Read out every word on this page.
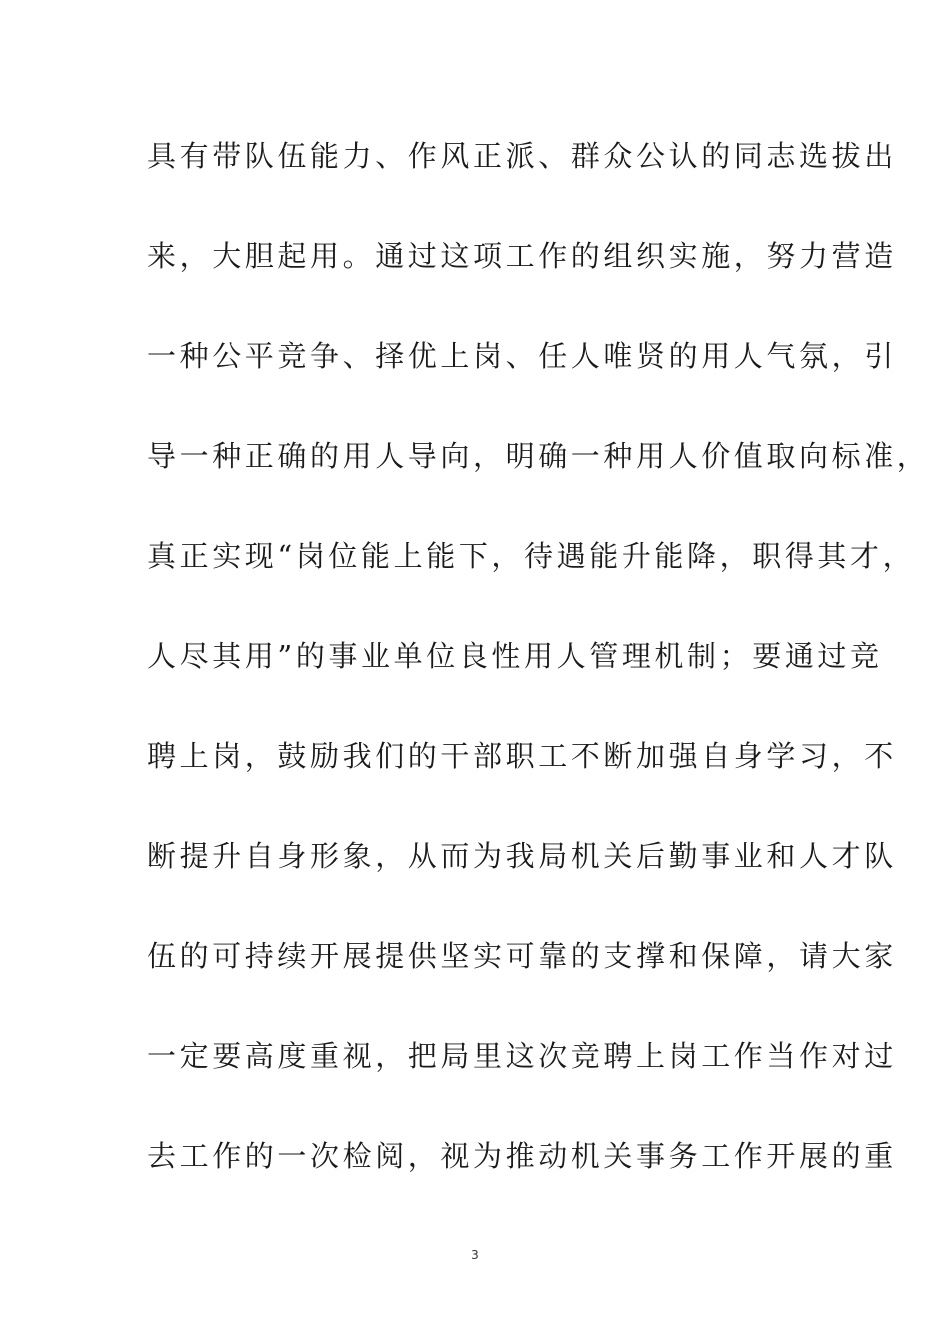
具有带队伍能力、作风正派、群众公认的同志选拔出
来，大胆起用。通过这项工作的组织实施，努力营造
一种公平竞争、择优上岗、任人唯贤的用人气氛，引
导一种正确的用人导向，明确一种用人价值取向标准，
真正实现“岗位能上能下，待遇能升能降，职得其才，
人尽其用”的事业单位良性用人管理机制；要通过竞
聘上岗，鼓励我们的干部职工不断加强自身学习，不
断提升自身形象，从而为我局机关后勤事业和人才队
伍的可持续开展提供坚实可靠的支撑和保障，请大家
一定要高度重视，把局里这次竞聘上岗工作当作对过
去工作的一次检阅，视为推动机关事务工作开展的重
3
